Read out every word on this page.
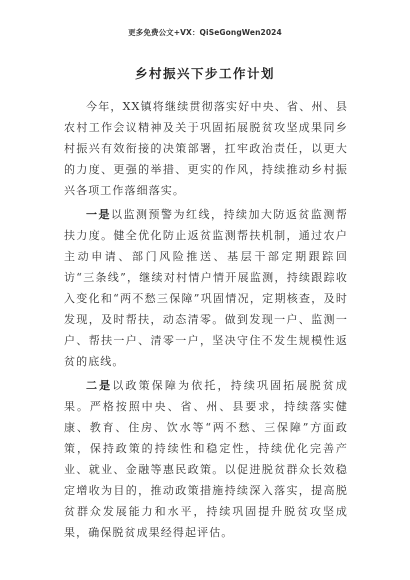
更多免费公文+VX：QiSeGongWen2024
乡村振兴下步工作计划

今年，XX镇将继续贯彻落实好中央、省、州、县农村工作会议精神及关于巩固拓展脱贫攻坚成果同乡村振兴有效衔接的决策部署，扛牢政治责任，以更大的力度、更强的举措、更实的作风，持续推动乡村振兴各项工作落细落实。

一是以监测预警为红线，持续加大防返贫监测帮扶力度。健全优化防止返贫监测帮扶机制，通过农户主动申请、部门风险推送、基层干部定期跟踪回访“三条线”，继续对村情户情开展监测，持续跟踪收入变化和“两不愁三保障”巩固情况，定期核查，及时发现，及时帮扶，动态清零。做到发现一户、监测一户、帮扶一户、清零一户，坚决守住不发生规模性返贫的底线。

二是以政策保障为依托，持续巩固拓展脱贫成果。严格按照中央、省、州、县要求，持续落实健康、教育、住房、饮水等“两不愁、三保障”方面政策，保持政策的持续性和稳定性，持续优化完善产业、就业、金融等惠民政策。以促进脱贫群众长效稳定增收为目的，推动政策措施持续深入落实，提高脱贫群众发展能力和水平，持续巩固提升脱贫攻坚成果，确保脱贫成果经得起评估。
